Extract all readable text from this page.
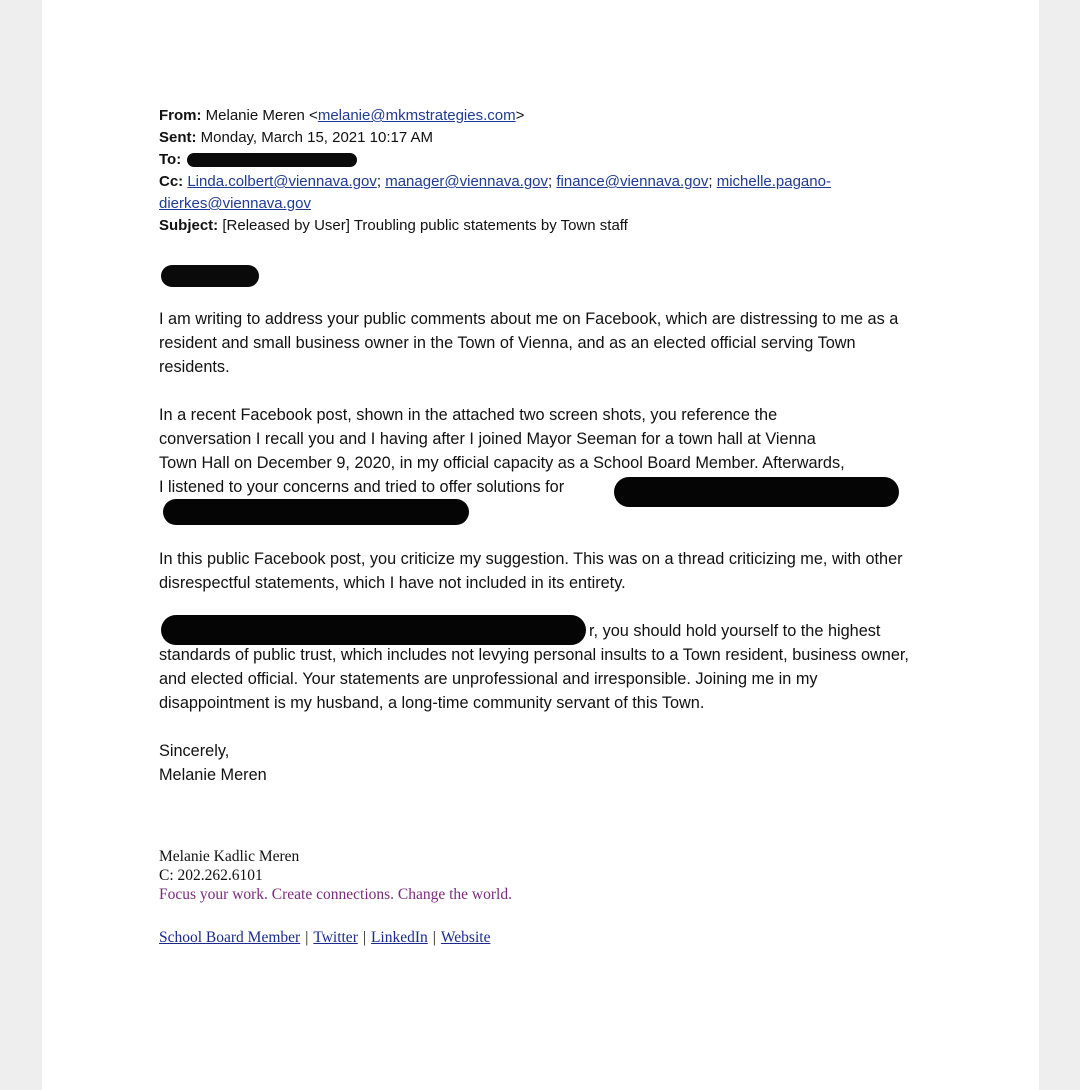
From: Melanie Meren <melanie@mkmstrategies.com>
Sent: Monday, March 15, 2021 10:17 AM
To:
Cc: Linda.colbert@viennava.gov; manager@viennava.gov; finance@viennava.gov; michelle.pagano-
dierkes@viennava.gov
Subject: [Released by User] Troubling public statements by Town staff

I am writing to address your public comments about me on Facebook, which are distressing to me as a resident and small business owner in the Town of Vienna, and as an elected official serving Town residents.

In a recent Facebook post, shown in the attached two screen shots, you reference the
conversation I recall you and I having after I joined Mayor Seeman for a town hall at Vienna
Town Hall on December 9, 2020, in my official capacity as a School Board Member. Afterwards,
I listened to your concerns and tried to offer solutions for

In this public Facebook post, you criticize my suggestion. This was on a thread criticizing me, with other disrespectful statements, which I have not included in its entirety.

r, you should hold yourself to the highest
standards of public trust, which includes not levying personal insults to a Town resident, business owner, and elected official. Your statements are unprofessional and irresponsible. Joining me in my disappointment is my husband, a long-time community servant of this Town.
Sincerely,
Melanie Meren
Melanie Kadlic Meren
C: 202.262.6101
Focus your work. Create connections. Change the world.
School Board Member | Twitter | LinkedIn | Website
